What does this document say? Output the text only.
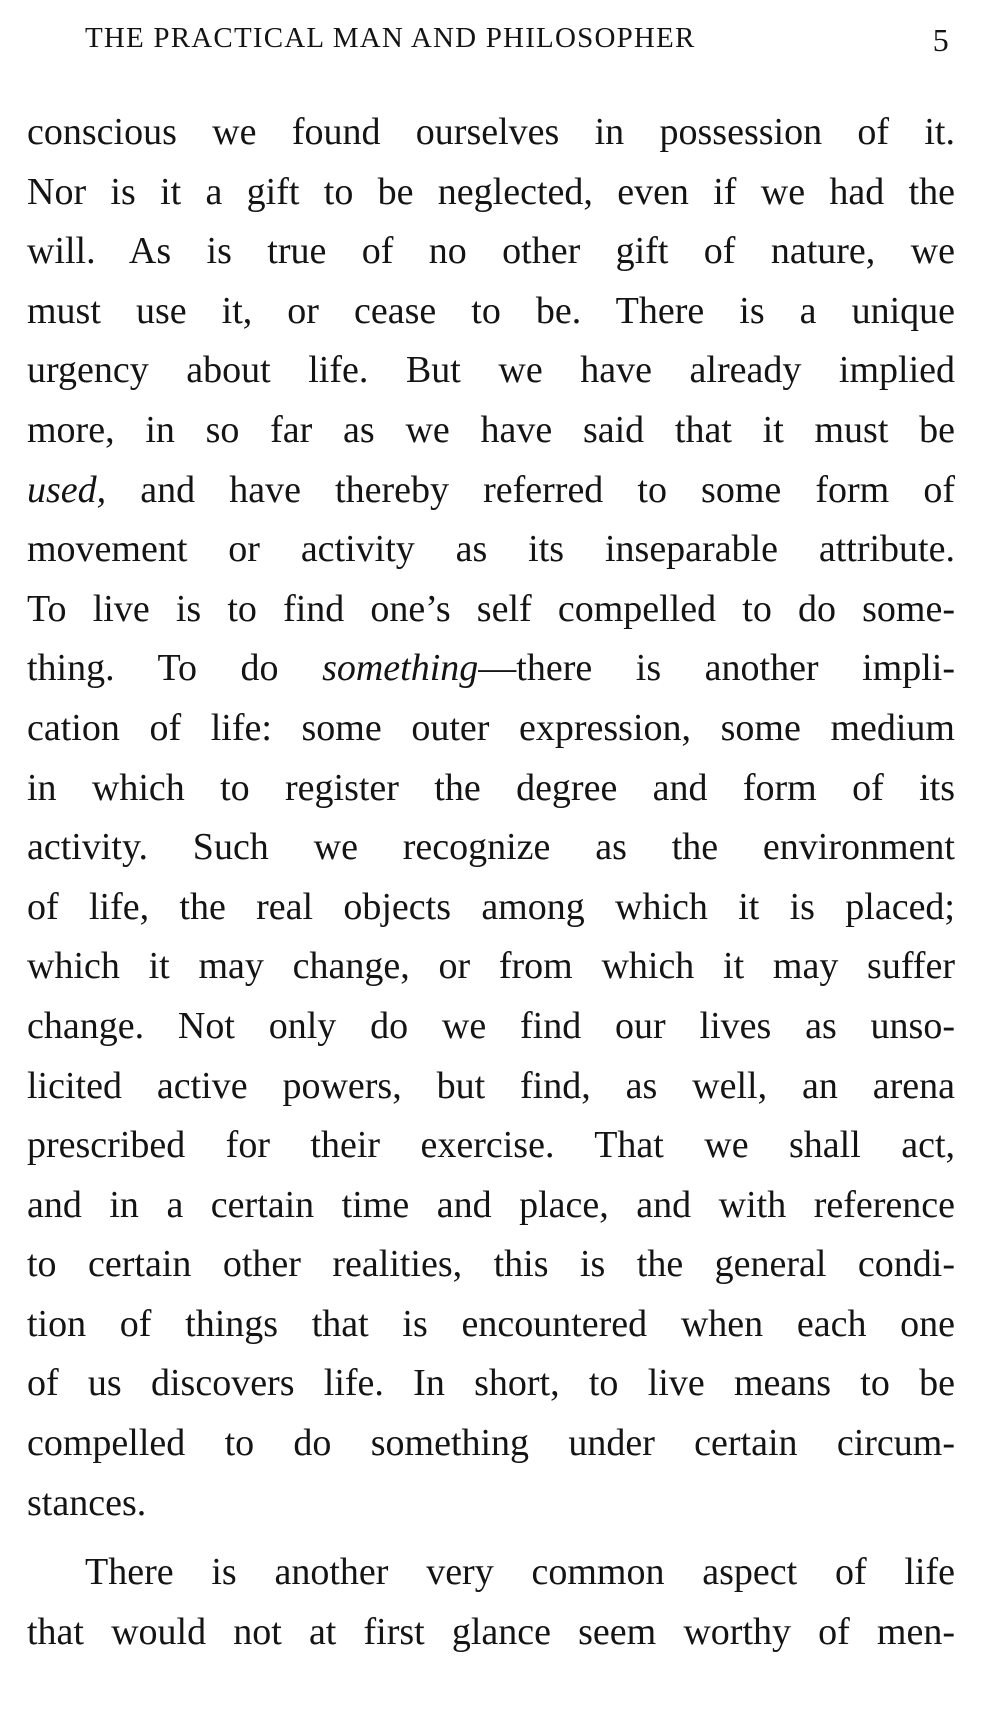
THE PRACTICAL MAN AND PHILOSOPHER	5
conscious we found ourselves in possession of it.
Nor is it a gift to be neglected, even if we had the
will. As is true of no other gift of nature, we
must use it, or cease to be. There is a unique
urgency about life. But we have already implied
more, in so far as we have said that it must be
used, and have thereby referred to some form of
movement or activity as its inseparable attribute.
To live is to find one’s self compelled to do some-
thing. To do something—there is another impli-
cation of life: some outer expression, some medium
in which to register the degree and form of its
activity. Such we recognize as the environment
of life, the real objects among which it is placed;
which it may change, or from which it may suffer
change. Not only do we find our lives as unso-
licited active powers, but find, as well, an arena
prescribed for their exercise. That we shall act,
and in a certain time and place, and with reference
to certain other realities, this is the general condi-
tion of things that is encountered when each one
of us discovers life. In short, to live means to be
compelled to do something under certain circum-
stances.
There is another very common aspect of life
that would not at first glance seem worthy of men-
